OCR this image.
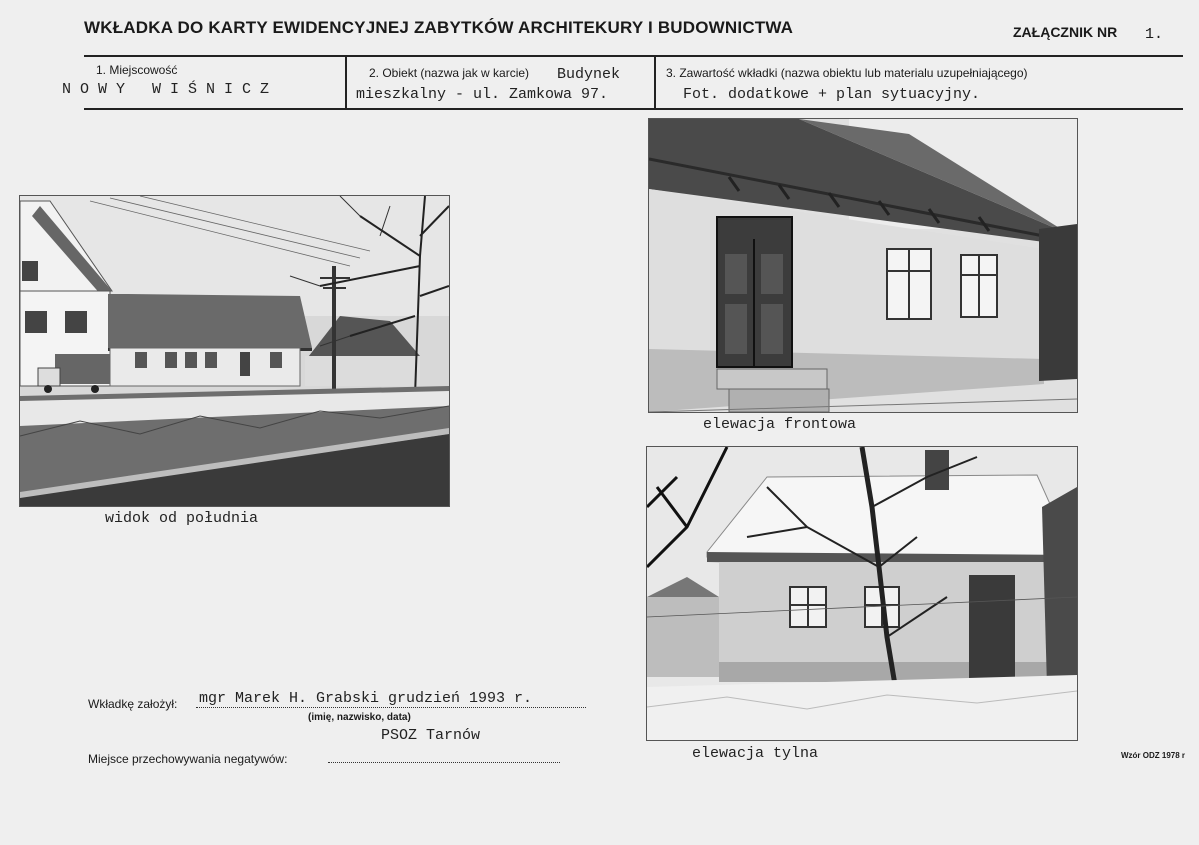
WKŁADKA DO KARTY EWIDENCYJNEJ ZABYTKÓW ARCHITEKURY I BUDOWNICTWA	ZAŁĄCZNIK NR 1.
1. Miejscowość
N O W Y   W I Ś N I C Z
2. Obiekt (nazwa jak w karcie) Budynek
mieszkalny - ul. Zamkowa 97.
3. Zawartość wkładki (nazwa obiektu lub materialu uzupełniającego)
Fot. dodatkowe + plan sytuacyjny.
widok od południa
elewacja frontowa
elewacja tylna
Wkładkę założył: mgr Marek H. Grabski grudzień 1993 r.
(imię, nazwisko, data)
PSOZ Tarnów
Miejsce przechowywania negatywów:	Wzór ODZ 1978 r
